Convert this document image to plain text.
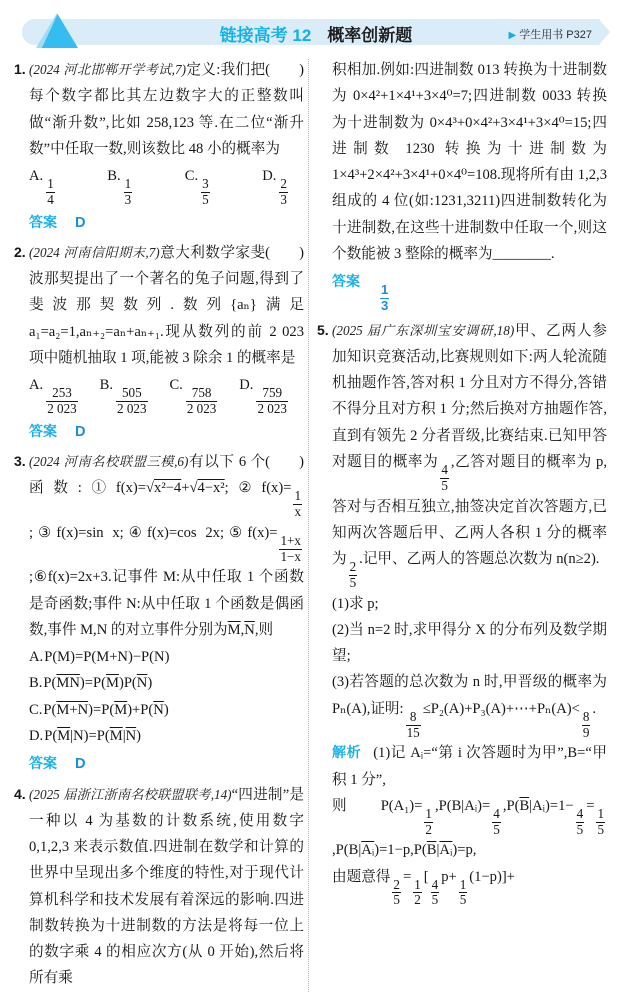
链接高考 12 概率创新题	▶ 学生用书 P327
(　　)
1. (2024 河北邯郸开学考试,7)定义:我们把每个数字都比其左边数字大的正整数叫做“渐升数”,比如 258,123 等.在二位“渐升数”中任取一数,则该数比 48 小的概率为
A.
$\frac{1}{4}$
B.
$\frac{1}{3}$
C.
$\frac{3}{5}$
D.
$\frac{2}{3}$
答案 D
(　　)
2. (2024 河南信阳期末,7)意大利数学家斐波那契提出了一个著名的兔子问题,得到了斐波那契数列.数列{aₙ}满足 a₁=a₂=1,aₙ₊₂=aₙ+aₙ₊₁.现从数列的前 2 023 项中随机抽取 1 项,能被 3 除余 1 的概率是
A.
$\frac{253}{2 023}$
B.
$\frac{505}{2 023}$
C.
$\frac{758}{2 023}$
D.
$\frac{759}{2 023}$
答案 D
(　　)
3. (2024 河南名校联盟三模,6)有以下 6 个函数:①f(x)=√x²−4+√4−x²;②f(x)=
$\frac{1}{x}$
;③f(x)=sin x;④f(x)=cos 2x;⑤f(x)=
$\frac{1+x}{1-x}$
;⑥f(x)=2x+3.记事件 M:从中任取 1 个函数是奇函数;事件 N:从中任取 1 个函数是偶函数,事件 M,N 的对立事件分别为$\overline{M},\overline{N}$,则
A.P(M)=P(M+N)−P(N)
$B.P(\overline{MN})=P(\overline{M})P(\overline{N})$
$C.P(M+N)=P(\overline{M})+P(\overline{N})$
$D.P(\overline{M}|N)=P(\overline{M}|\overline{N})$
答案 D
4. (2025 届浙江浙南名校联盟联考,14)“四进制”是一种以 4 为基数的计数系统,使用数字 0,1,2,3 来表示数值.四进制在数学和计算的世界中呈现出多个维度的特性,对于现代计算机科学和技术发展有着深远的影响.四进制数转换为十进制数的方法是将每一位上的数字乘 4 的相应次方(从 0 开始),然后将所有乘
积相加.例如:四进制数 013 转换为十进制数为 0×4²+1×4¹+3×4⁰=7;四进制数 0033 转换为十进制数为 0×4³+0×4²+3×4¹+3×4⁰=15;四进制数 1230 转换为十进制数为 1×4³+2×4²+3×4¹+0×4⁰=108.现将所有由 1,2,3 组成的 4 位(如:1231,3211)四进制数转化为十进制数,在这些十进制数中任取一个,则这个数能被 3 整除的概率为________.
答案
$\frac{1}{3}$
5. (2025 届广东深圳宝安调研,18)甲、乙两人参加知识竞赛活动,比赛规则如下:两人轮流随机抽题作答,答对积 1 分且对方不得分,答错不得分且对方积 1 分;然后换对方抽题作答,直到有领先 2 分者晋级,比赛结束.已知甲答对题目的概率为
$\frac{4}{5}$
,乙答对题目的概率为 p,答对与否相互独立,抽签决定首次答题方,已知两次答题后甲、乙两人各积 1 分的概率为
$\frac{2}{5}$
.记甲、乙两人的答题总次数为 n(n≥2).
(1)求 p;
(2)当 n=2 时,求甲得分 X 的分布列及数学期望;
(3)若答题的总次数为 n 时,甲晋级的概率为 Pₙ(A),证明:
$\frac{8}{15}$
≤P₂(A)+P₃(A)+⋯+Pₙ(A)<
$\frac{8}{9}$
.
解析 (1)记 Aᵢ=“第 i 次答题时为甲”,B=“甲积 1 分”,
则 P(A₁)=
$\frac{1}{2}$
,P(B|Aᵢ)=
$\frac{4}{5}$
$,P(\overline{B}|Aᵢ)=1-$
$\frac{4}{5}$
=
$\frac{1}{5}$
$,P(B|\overline{Aᵢ})=1-p,P(\overline{B}|\overline{Aᵢ})=p$,
由题意得
$\frac{2}{5}$
=
$\frac{1}{2}$
[
$\frac{4}{5}$
p+
$\frac{1}{5}$
(1−p)]+
